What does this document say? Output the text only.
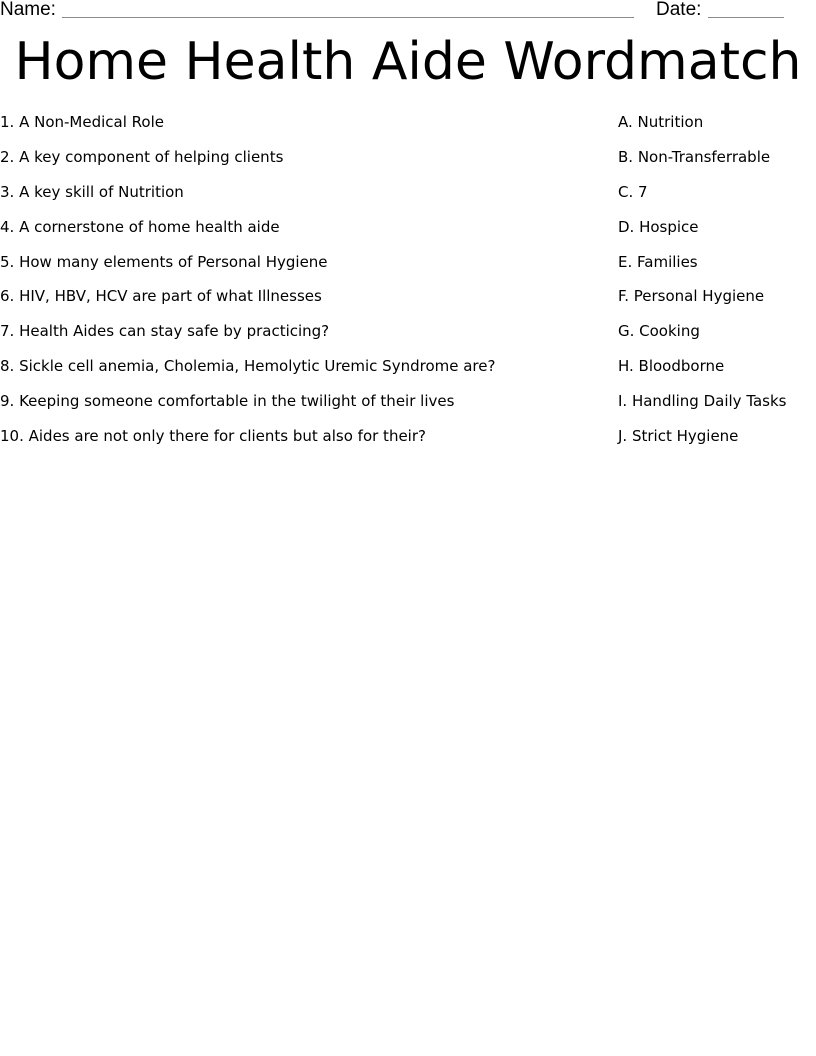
Name:	Date:
Home Health Aide Wordmatch
1. A Non-Medical Role
2. A key component of helping clients
3. A key skill of Nutrition
4. A cornerstone of home health aide
5. How many elements of Personal Hygiene
6. HIV, HBV, HCV are part of what Illnesses
7. Health Aides can stay safe by practicing?
8. Sickle cell anemia, Cholemia, Hemolytic Uremic Syndrome are?
9. Keeping someone comfortable in the twilight of their lives
10. Aides are not only there for clients but also for their?
A. Nutrition
B. Non-Transferrable
C. 7
D. Hospice
E. Families
F. Personal Hygiene
G. Cooking
H. Bloodborne
I. Handling Daily Tasks
J. Strict Hygiene
